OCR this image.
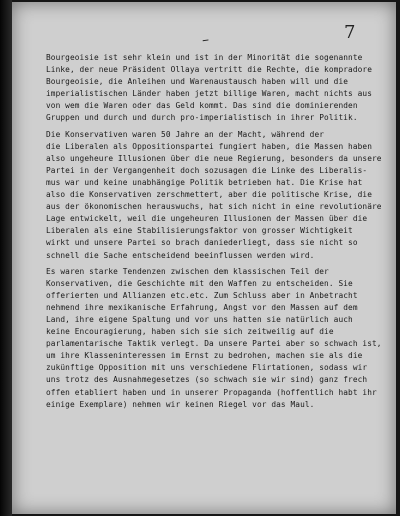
–	7
Bourgeoisie ist sehr klein und ist in der Minorität die sogenannte
Linke, der neue Präsident Ollaya vertritt die Rechte, die kompradore
Bourgeoisie, die Anleihen und Warenaustausch haben will und die
imperialistischen Länder haben jetzt billige Waren, macht nichts aus
von wem die Waren oder das Geld kommt. Das sind die dominierenden
Gruppen und durch und durch pro-imperialistisch in ihrer Politik.
Die Konservativen waren 50 Jahre an der Macht, während der
die Liberalen als Oppositionspartei fungiert haben, die Massen haben
also ungeheure Illusionen über die neue Regierung, besonders da unsere
Partei in der Vergangenheit doch sozusagen die Linke des Liberalis-
mus war und keine unabhängige Politik betrieben hat. Die Krise hat
also die Konservativen zerschmettert, aber die politische Krise, die
aus der ökonomischen herauswuchs, hat sich nicht in eine revolutionäre
Lage entwickelt, weil die ungeheuren Illusionen der Massen über die
Liberalen als eine Stabilisierungsfaktor von grosser Wichtigkeit
wirkt und unsere Partei so brach daniederliegt, dass sie nicht so
schnell die Sache entscheidend beeinflussen werden wird.
Es waren starke Tendenzen zwischen dem klassischen Teil der
Konservativen, die Geschichte mit den Waffen zu entscheiden. Sie
offerierten und Allianzen etc.etc. Zum Schluss aber in Anbetracht
nehmend ihre mexikanische Erfahrung, Angst vor den Massen auf dem
Land, ihre eigene Spaltung und vor uns hatten sie natürlich auch
keine Encouragierung, haben sich sie sich zeitweilig auf die
parlamentarische Taktik verlegt. Da unsere Partei aber so schwach ist,
um ihre Klasseninteressen im Ernst zu bedrohen, machen sie als die
zukünftige Opposition mit uns verschiedene Flirtationen, sodass wir
uns trotz des Ausnahmegesetzes (so schwach sie wir sind) ganz frech
offen etabliert haben und in unserer Propaganda (hoffentlich habt ihr
einige Exemplare) nehmen wir keinen Riegel vor das Maul.
